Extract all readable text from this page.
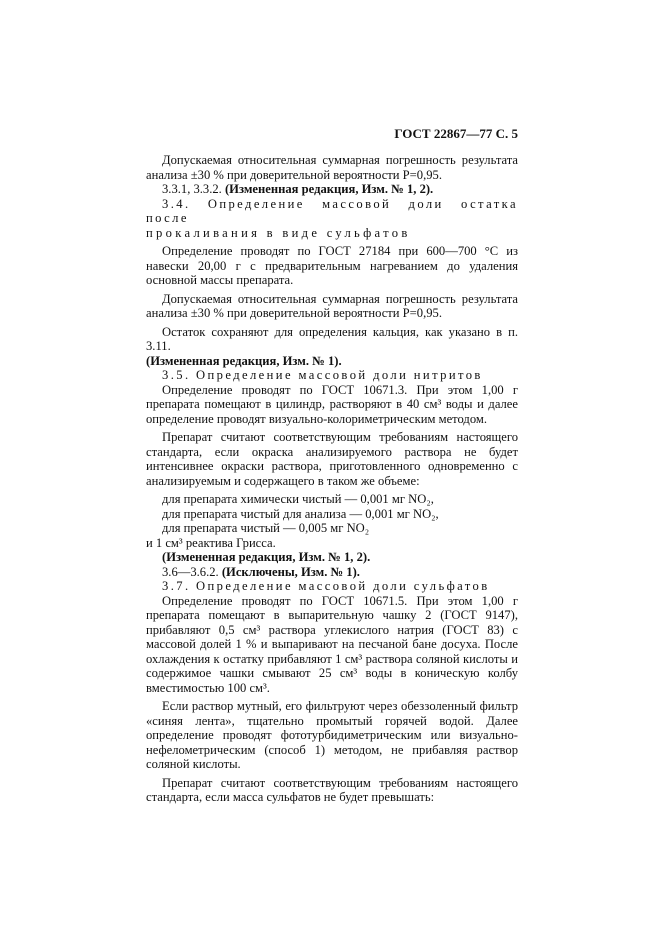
ГОСТ 22867—77 С. 5

Допускаемая относительная суммарная погрешность результата анализа ±30 % при доверительной вероятности Р=0,95.

3.3.1, 3.3.2. (Измененная редакция, Изм. № 1, 2).

3.4. Определение массовой доли остатка после

прокаливания в виде сульфатов

Определение проводят по ГОСТ 27184 при 600—700 °С из навески 20,00 г с предварительным нагреванием до удаления основной массы препарата.

Допускаемая относительная суммарная погрешность результата анализа ±30 % при доверительной вероятности Р=0,95.

Остаток сохраняют для определения кальция, как указано в п. 3.11.

(Измененная редакция, Изм. № 1).

3.5. Определение массовой доли нитритов

Определение проводят по ГОСТ 10671.3. При этом 1,00 г препарата помещают в цилиндр, растворяют в 40 см³ воды и далее определение проводят визуально-колориметрическим методом.

Препарат считают соответствующим требованиям настоящего стандарта, если окраска анализируемого раствора не будет интенсивнее окраски раствора, приготовленного одновременно с анализируемым и содержащего в таком же объеме:

для препарата химически чистый — 0,001 мг NO₂,

для препарата чистый для анализа — 0,001 мг NO₂,

для препарата чистый — 0,005 мг NO₂

и 1 см³ реактива Грисса.

(Измененная редакция, Изм. № 1, 2).

3.6—3.6.2. (Исключены, Изм. № 1).

3.7. Определение массовой доли сульфатов

Определение проводят по ГОСТ 10671.5. При этом 1,00 г препарата помещают в выпарительную чашку 2 (ГОСТ 9147), прибавляют 0,5 см³ раствора углекислого натрия (ГОСТ 83) с массовой долей 1 % и выпаривают на песчаной бане досуха. После охлаждения к остатку прибавляют 1 см³ раствора соляной кислоты и содержимое чашки смывают 25 см³ воды в коническую колбу вместимостью 100 см³.

Если раствор мутный, его фильтруют через обеззоленный фильтр «синяя лента», тщательно промытый горячей водой. Далее определение проводят фототурбидиметрическим или визуально-нефелометрическим (способ 1) методом, не прибавляя раствор соляной кислоты.

Препарат считают соответствующим требованиям настоящего стандарта, если масса сульфатов не будет превышать:
